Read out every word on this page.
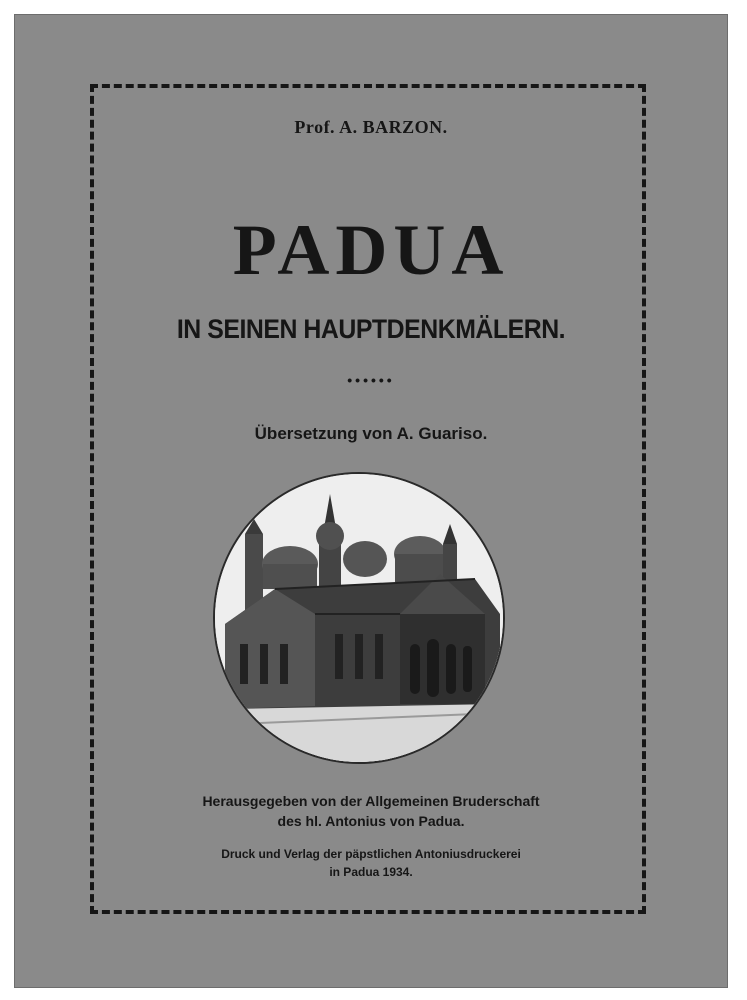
Prof. A. BARZON.
PADUA
IN SEINEN HAUPTDENKMÄLERN.
••••••
Übersetzung von A. Guariso.
Herausgegeben von der Allgemeinen Bruderschaft
des hl. Antonius von Padua.
Druck und Verlag der päpstlichen Antoniusdruckerei
in Padua 1934.
